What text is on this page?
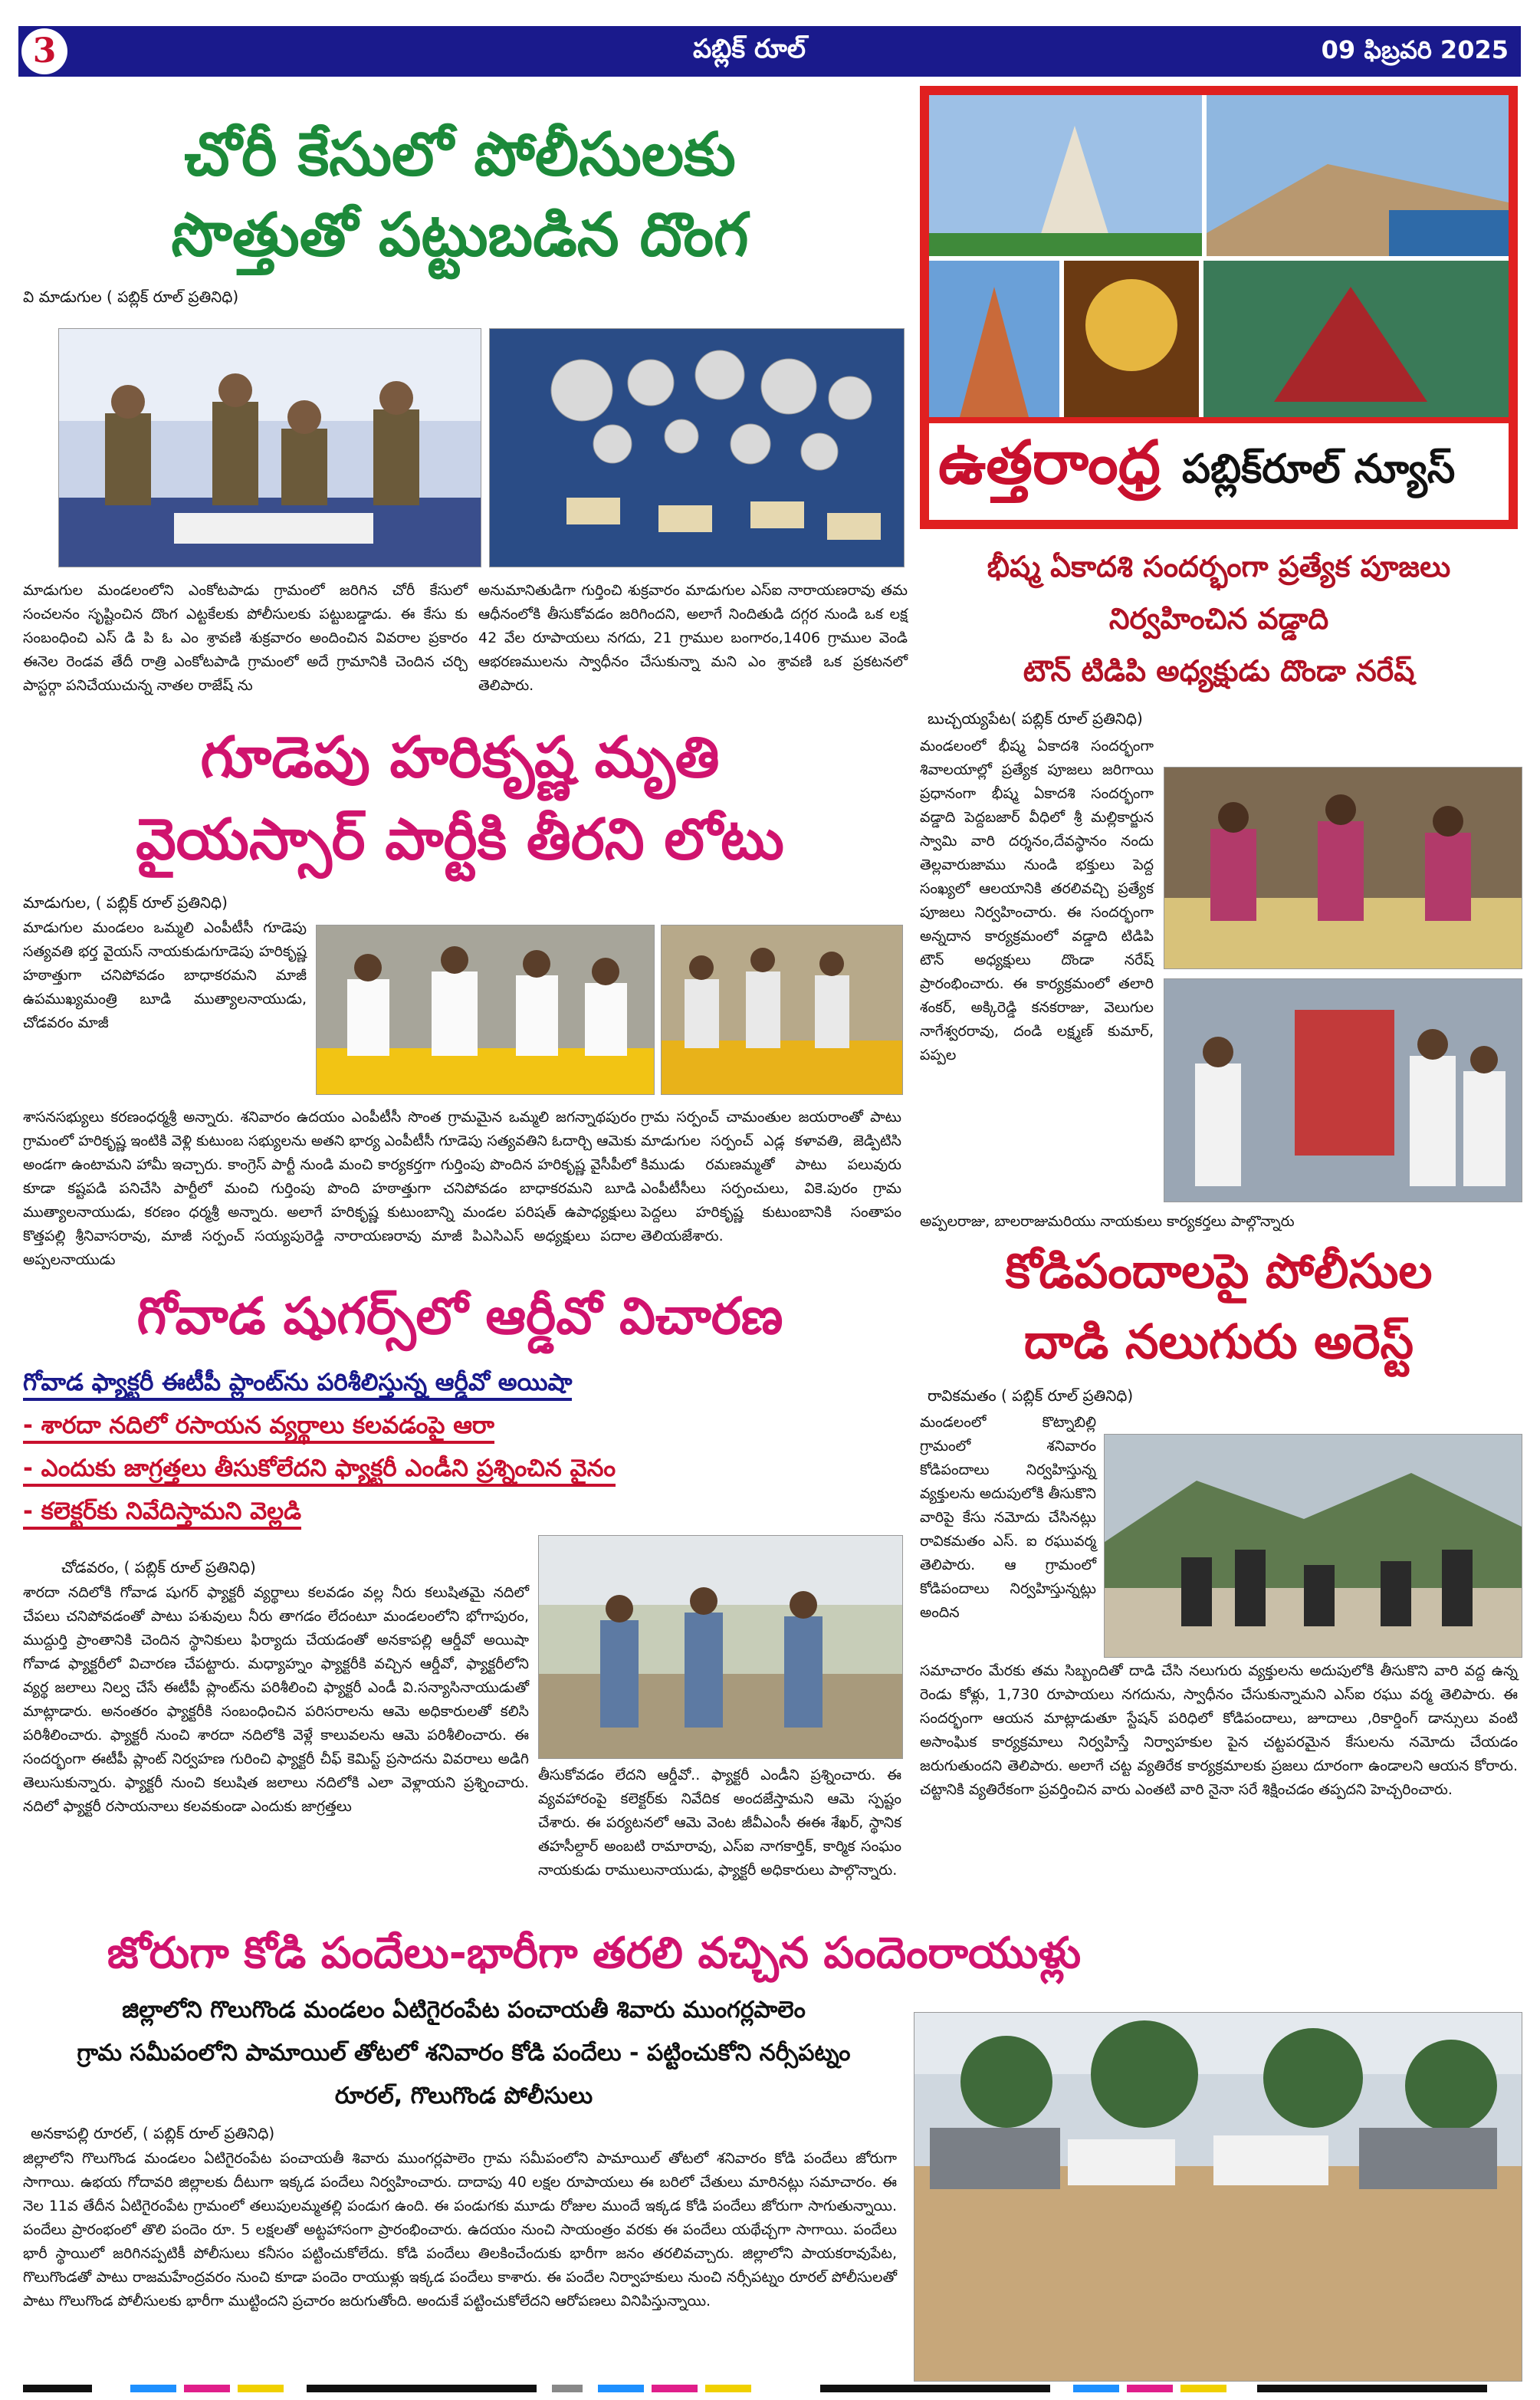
3	పబ్లిక్ రూల్	09 ఫిబ్రవరి 2025
చోరీ కేసులో పోలీసులకు
సొత్తుతో పట్టుబడిన దొంగ
వి మాడుగుల ( పబ్లిక్ రూల్ ప్రతినిధి)
మాడుగుల మండలంలోని ఎంకోటపాడు గ్రామంలో జరిగిన చోరీ కేసులో సంచలనం సృష్టించిన దొంగ ఎట్టకేలకు పోలీసులకు పట్టుబడ్డాడు. ఈ కేసు కు సంబంధించి ఎస్ డి పి ఓ ఎం శ్రావణి శుక్రవారం అందించిన వివరాల ప్రకారం ఈనెల రెండవ తేదీ రాత్రి ఎంకోటపాడి గ్రామంలో అదే గ్రామానికి చెందిన చర్చి పాస్టర్గా పనిచేయుచున్న నాతల రాజేష్ ను
అనుమానితుడిగా గుర్తించి శుక్రవారం మాడుగుల ఎస్ఐ నారాయణరావు తమ ఆధీనంలోకి తీసుకోవడం జరిగిందని, అలాగే నిందితుడి దగ్గర నుండి ఒక లక్ష 42 వేల రూపాయలు నగదు, 21 గ్రాముల బంగారం,1406 గ్రాముల వెండి ఆభరణములను స్వాధీనం చేసుకున్నా మని ఎం శ్రావణి ఒక ప్రకటనలో తెలిపారు.
గూడెపు హరికృష్ణ మృతి
వైయస్సార్ పార్టీకి తీరని లోటు
మాడుగుల, ( పబ్లిక్ రూల్ ప్రతినిధి)
మాడుగుల మండలం ఒమ్మలి ఎంపీటీసీ గూడెపు సత్యవతి భర్త వైయస్ నాయకుడుగూడెపు హరికృష్ణ హఠాత్తుగా చనిపోవడం బాధాకరమని మాజీ ఉపముఖ్యమంత్రి బూడి ముత్యాలనాయుడు, చోడవరం మాజీ
శాసనసభ్యులు కరణంధర్మశ్రీ అన్నారు. శనివారం ఉదయం ఎంపీటీసీ సొంత గ్రామమైన ఒమ్మలి జగన్నాథపురం గ్రామంలో హరికృష్ణ ఇంటికి వెళ్లి కుటుంబ సభ్యులను అతని భార్య ఎంపీటీసీ గూడెపు సత్యవతిని ఓదార్చి ఆమెకు అండగా ఉంటామని హామీ ఇచ్చారు. కాంగ్రెస్ పార్టీ నుండి మంచి కార్యకర్తగా గుర్తింపు పొందిన హరికృష్ణ వైసీపీలో కూడా కష్టపడి పనిచేసి పార్టీలో మంచి గుర్తింపు పొంది హఠాత్తుగా చనిపోవడం బాధాకరమని బూడి ముత్యాలనాయుడు, కరణం ధర్మశ్రీ అన్నారు. అలాగే హరికృష్ణ కుటుంబాన్ని మండల పరిషత్ ఉపాధ్యక్షులు కొత్తపల్లి శ్రీనివాసరావు, మాజీ సర్పంచ్ సయ్యపురెడ్డి నారాయణరావు మాజీ పిఎసిఎస్ అధ్యక్షులు పదాల అప్పలనాయుడు
గ్రామ సర్పంచ్ చామంతుల జయరాంతో పాటు మాడుగుల సర్పంచ్ ఎడ్ల కళావతి, జెడ్పిటిసి కిముడు రమణమ్మతో పాటు పలువురు ఎంపీటీసీలు సర్పంచులు, వికె.పురం గ్రామ పెద్దలు హరికృష్ణ కుటుంబానికి సంతాపం తెలియజేశారు.
గోవాడ షుగర్స్‌లో ఆర్డీవో విచారణ
గోవాడ ఫ్యాక్టరీ ఈటీపీ ప్లాంట్‌ను పరిశీలిస్తున్న ఆర్డీవో అయిషా
- శారదా నదిలో రసాయన వ్యర్థాలు కలవడంపై ఆరా
- ఎందుకు జాగ్రత్తలు తీసుకోలేదని ఫ్యాక్టరీ ఎండీని ప్రశ్నించిన వైనం
- కలెక్టర్‌కు నివేదిస్తామని వెల్లడి
చోడవరం, ( పబ్లిక్ రూల్ ప్రతినిధి)
శారదా నదిలోకి గోవాడ షుగర్ ఫ్యాక్టరీ వ్యర్థాలు కలవడం వల్ల నీరు కలుషితమై నదిలో చేపలు చనిపోవడంతో పాటు పశువులు నీరు తాగడం లేదంటూ మండలంలోని భోగాపురం, ముద్దుర్తి ప్రాంతానికి చెందిన స్థానికులు ఫిర్యాదు చేయడంతో అనకాపల్లి ఆర్డీవో అయిషా గోవాడ ఫ్యాక్టరీలో విచారణ చేపట్టారు. మధ్యాహ్నం ఫ్యాక్టరీకి వచ్చిన ఆర్డీవో, ఫ్యాక్టరీలోని వ్యర్థ జలాలు నిల్వ చేసే ఈటీపీ ప్లాంట్‌ను పరిశీలించి ఫ్యాక్టరీ ఎండీ వి.సన్యాసినాయుడుతో మాట్లాడారు. అనంతరం ఫ్యాక్టరీకి సంబంధించిన పరిసరాలను ఆమె అధికారులతో కలిసి పరిశీలించారు. ఫ్యాక్టరీ నుంచి శారదా నదిలోకి వెళ్లే కాలువలను ఆమె పరిశీలించారు. ఈ సందర్భంగా ఈటీపీ ప్లాంట్ నిర్వహణ గురించి ఫ్యాక్టరీ చీఫ్ కెమిస్ట్ ప్రసాదను వివరాలు అడిగి తెలుసుకున్నారు. ఫ్యాక్టరీ నుంచి కలుషిత జలాలు నదిలోకి ఎలా వెళ్లాయని ప్రశ్నించారు. నదిలో ఫ్యాక్టరీ రసాయనాలు కలవకుండా ఎందుకు జాగ్రత్తలు
తీసుకోవడం లేదని ఆర్డీవో.. ఫ్యాక్టరీ ఎండీని ప్రశ్నించారు. ఈ వ్యవహారంపై కలెక్టర్‌కు నివేదిక అందజేస్తామని ఆమె స్పష్టం చేశారు. ఈ పర్యటనలో ఆమె వెంట జీవీఎంసీ ఈఈ శేఖర్, స్థానిక తహసీల్దార్ అంబటి రామారావు, ఎస్ఐ నాగకార్తిక్, కార్మిక సంఘం నాయకుడు రాములునాయుడు, ఫ్యాక్టరీ అధికారులు పాల్గొన్నారు.
ఉత్తరాంధ్ర పబ్లిక్‌రూల్ న్యూస్
భీష్మ ఏకాదశి సందర్భంగా ప్రత్యేక పూజలు
నిర్వహించిన వడ్డాది
టౌన్ టిడిపి అధ్యక్షుడు దొండా నరేష్
బుచ్చయ్యపేట( పబ్లిక్ రూల్ ప్రతినిధి)
మండలంలో భీష్మ ఏకాదశి సందర్భంగా శివాలయాల్లో ప్రత్యేక పూజలు జరిగాయి ప్రధానంగా భీష్మ ఏకాదశి సందర్భంగా వడ్డాది పెద్దబజార్ వీధిలో శ్రీ మల్లికార్జున స్వామి వారి దర్శనం,దేవస్థానం నందు తెల్లవారుజాము నుండి భక్తులు పెద్ద సంఖ్యలో ఆలయానికి తరలివచ్చి ప్రత్యేక పూజలు నిర్వహించారు. ఈ సందర్భంగా అన్నదాన కార్యక్రమంలో వడ్డాది టిడిపి టౌన్ అధ్యక్షులు దొండా నరేష్ ప్రారంభించారు. ఈ కార్యక్రమంలో తలారి శంకర్, అక్కిరెడ్డి కనకరాజు, వెలుగుల నాగేశ్వరరావు, దండి లక్ష్మణ్ కుమార్, పప్పల
అప్పలరాజు, బాలరాజుమరియు నాయకులు కార్యకర్తలు పాల్గొన్నారు
కోడిపందాలపై పోలీసుల
దాడి నలుగురు అరెస్ట్
రావికమతం ( పబ్లిక్ రూల్ ప్రతినిధి)
మండలంలో కొట్నాబిల్లి గ్రామంలో శనివారం కోడిపందాలు నిర్వహిస్తున్న వ్యక్తులను అదుపులోకి తీసుకొని వారిపై కేసు నమోదు చేసినట్లు రావికమతం ఎస్. ఐ రఘువర్మ తెలిపారు. ఆ గ్రామంలో కోడిపందాలు నిర్వహిస్తున్నట్లు అందిన
సమాచారం మేరకు తమ సిబ్బందితో దాడి చేసి నలుగురు వ్యక్తులను అదుపులోకి తీసుకొని వారి వద్ద ఉన్న రెండు కోళ్లు, 1,730 రూపాయలు నగదును, స్వాధీనం చేసుకున్నామని ఎస్ఐ రఘు వర్మ తెలిపారు. ఈ సందర్భంగా ఆయన మాట్లాడుతూ స్టేషన్ పరిధిలో కోడిపందాలు, జూదాలు ,రికార్డింగ్ డాన్సులు వంటి అసాంఘిక కార్యక్రమాలు నిర్వహిస్తే నిర్వాహకుల పైన చట్టపరమైన కేసులను నమోదు చేయడం జరుగుతుందని తెలిపారు. అలాగే చట్ట వ్యతిరేక కార్యక్రమాలకు ప్రజలు దూరంగా ఉండాలని ఆయన కోరారు. చట్టానికి వ్యతిరేకంగా ప్రవర్తించిన వారు ఎంతటి వారి నైనా సరే శిక్షించడం తప్పదని హెచ్చరించారు.
జోరుగా కోడి పందేలు-భారీగా తరలి వచ్చిన పందెంరాయుళ్లు
జిల్లాలోని గొలుగొండ మండలం ఏటిగైరంపేట పంచాయతీ శివారు ముంగర్లపాలెం
గ్రామ సమీపంలోని పామాయిల్ తోటలో శనివారం కోడి పందేలు - పట్టించుకోని నర్సీపట్నం
రూరల్, గొలుగొండ పోలీసులు
అనకాపల్లి రూరల్, ( పబ్లిక్ రూల్ ప్రతినిధి)
జిల్లాలోని గొలుగొండ మండలం ఏటిగైరంపేట పంచాయతీ శివారు ముంగర్లపాలెం గ్రామ సమీపంలోని పామాయిల్ తోటలో శనివారం కోడి పందేలు జోరుగా సాగాయి. ఉభయ గోదావరి జిల్లాలకు దీటుగా ఇక్కడ పందేలు నిర్వహించారు. దాదాపు 40 లక్షల రూపాయలు ఈ బరిలో చేతులు మారినట్లు సమాచారం. ఈ నెల 11వ తేదీన ఏటిగైరంపేట గ్రామంలో తలుపులమ్మతల్లి పండుగ ఉంది. ఈ పండుగకు మూడు రోజుల ముందే ఇక్కడ కోడి పందేలు జోరుగా సాగుతున్నాయి. పందేలు ప్రారంభంలో తొలి పందెం రూ. 5 లక్షలతో అట్టహాసంగా ప్రారంభించారు. ఉదయం నుంచి సాయంత్రం వరకు ఈ పందేలు యథేచ్చగా సాగాయి. పందేలు భారీ స్థాయిలో జరిగినప్పటికీ పోలీసులు కనీసం పట్టించుకోలేదు. కోడి పందేలు తిలకించేందుకు భారీగా జనం తరలివచ్చారు. జిల్లాలోని పాయకరావుపేట, గొలుగొండతో పాటు రాజమహేంద్రవరం నుంచి కూడా పందెం రాయుళ్లు ఇక్కడ పందేలు కాశారు. ఈ పందేల నిర్వాహకులు నుంచి నర్సీపట్నం రూరల్ పోలీసులతో పాటు గొలుగొండ పోలీసులకు భారీగా ముట్టిందని ప్రచారం జరుగుతోంది. అందుకే పట్టించుకోలేదని ఆరోపణలు వినిపిస్తున్నాయి.
